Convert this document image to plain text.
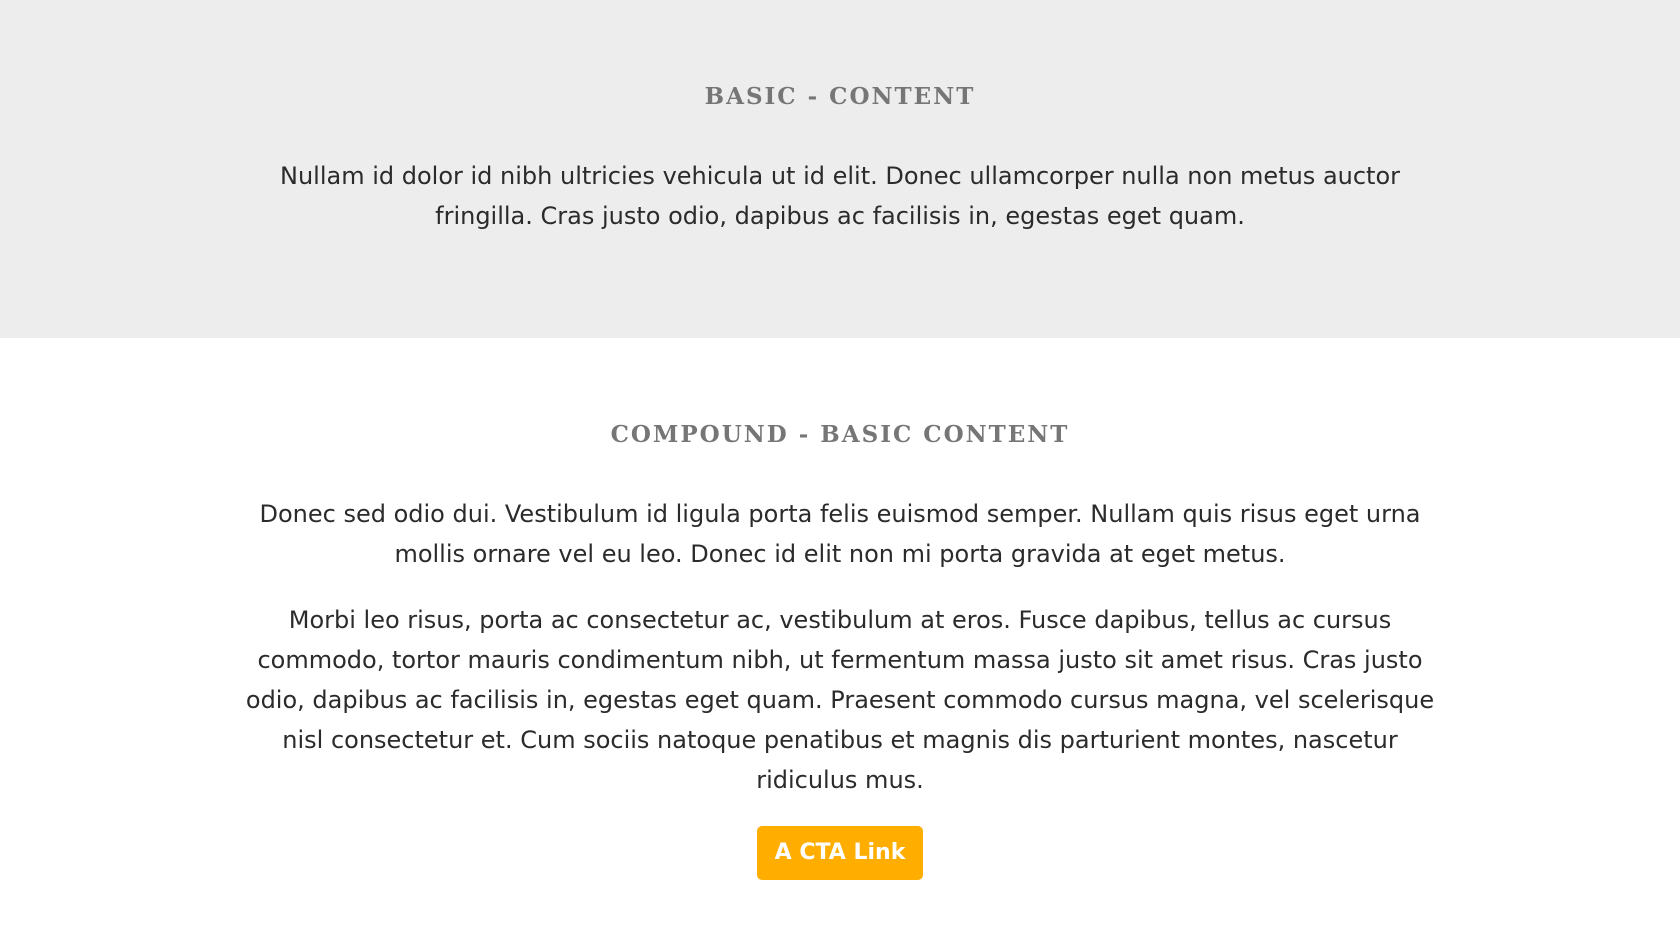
BASIC - CONTENT

Nullam id dolor id nibh ultricies vehicula ut id elit. Donec ullamcorper nulla non metus auctor fringilla. Cras justo odio, dapibus ac facilisis in, egestas eget quam.

COMPOUND - BASIC CONTENT

Donec sed odio dui. Vestibulum id ligula porta felis euismod semper. Nullam quis risus eget urna mollis ornare vel eu leo. Donec id elit non mi porta gravida at eget metus.

Morbi leo risus, porta ac consectetur ac, vestibulum at eros. Fusce dapibus, tellus ac cursus commodo, tortor mauris condimentum nibh, ut fermentum massa justo sit amet risus. Cras justo odio, dapibus ac facilisis in, egestas eget quam. Praesent commodo cursus magna, vel scelerisque nisl consectetur et. Cum sociis natoque penatibus et magnis dis parturient montes, nascetur ridiculus mus.

A CTA Link
